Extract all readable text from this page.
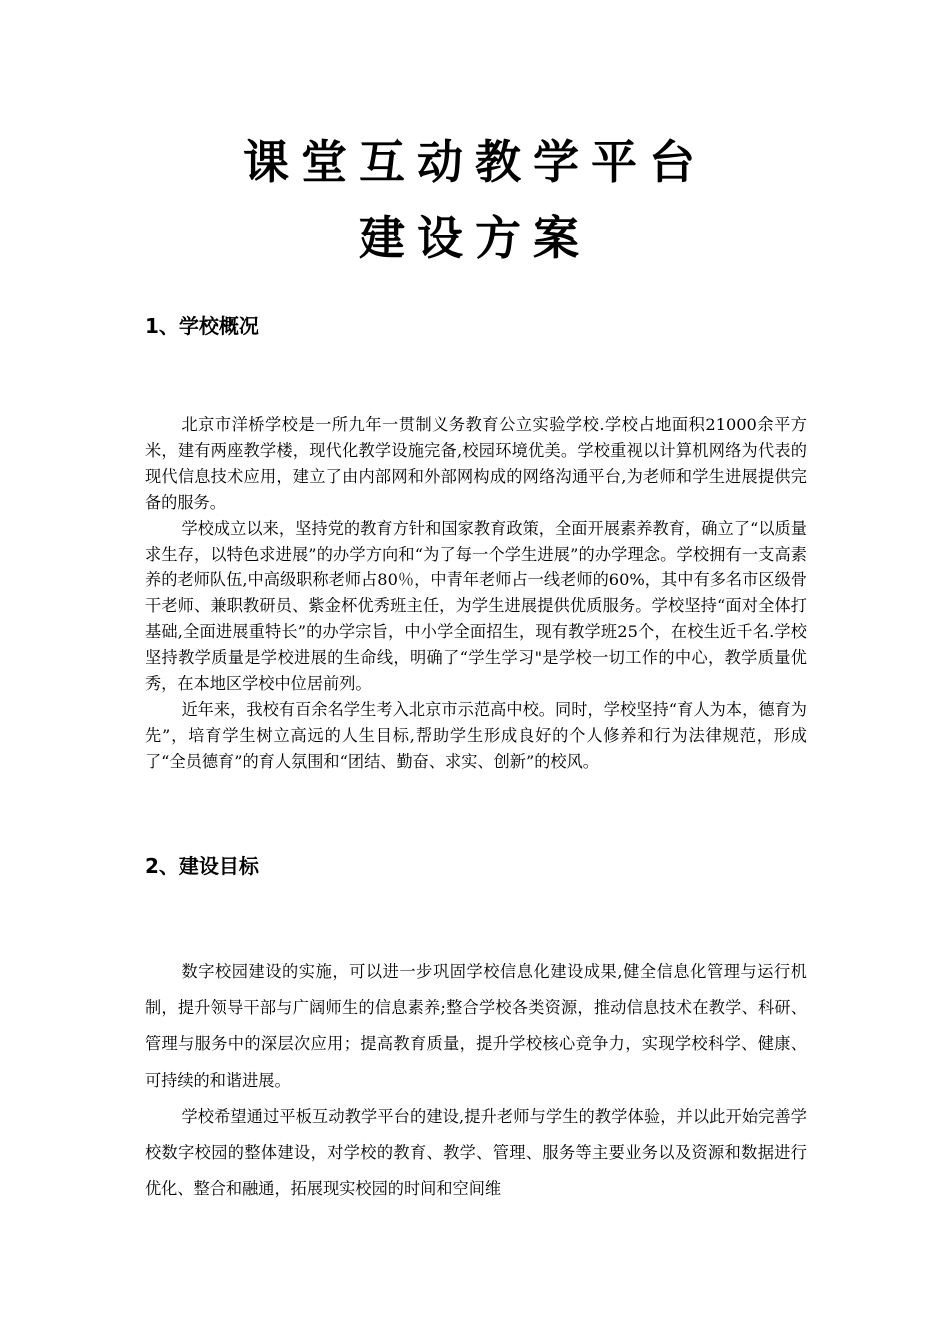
课堂互动教学平台
建设方案
1、学校概况

北京市洋桥学校是一所九年一贯制义务教育公立实验学校.学校占地面积21000余平方米，建有两座教学楼，现代化教学设施完备,校园环境优美。学校重视以计算机网络为代表的现代信息技术应用，建立了由内部网和外部网构成的网络沟通平台,为老师和学生进展提供完备的服务。

学校成立以来，坚持党的教育方针和国家教育政策，全面开展素养教育，确立了“以质量求生存，以特色求进展”的办学方向和“为了每一个学生进展”的办学理念。学校拥有一支高素养的老师队伍,中高级职称老师占80％，中青年老师占一线老师的60%，其中有多名市区级骨干老师、兼职教研员、紫金杯优秀班主任，为学生进展提供优质服务。学校坚持“面对全体打基础,全面进展重特长”的办学宗旨，中小学全面招生，现有教学班25个，在校生近千名.学校坚持教学质量是学校进展的生命线，明确了“学生学习"是学校一切工作的中心，教学质量优秀，在本地区学校中位居前列。

近年来，我校有百余名学生考入北京市示范高中校。同时，学校坚持“育人为本，德育为先”，培育学生树立高远的人生目标,帮助学生形成良好的个人修养和行为法律规范，形成了“全员德育”的育人氛围和“团结、勤奋、求实、创新”的校风。

2、建设目标

数字校园建设的实施，可以进一步巩固学校信息化建设成果,健全信息化管理与运行机制，提升领导干部与广阔师生的信息素养;整合学校各类资源，推动信息技术在教学、科研、管理与服务中的深层次应用；提高教育质量，提升学校核心竞争力，实现学校科学、健康、可持续的和谐进展。

学校希望通过平板互动教学平台的建设,提升老师与学生的教学体验，并以此开始完善学校数字校园的整体建设，对学校的教育、教学、管理、服务等主要业务以及资源和数据进行优化、整合和融通，拓展现实校园的时间和空间维
